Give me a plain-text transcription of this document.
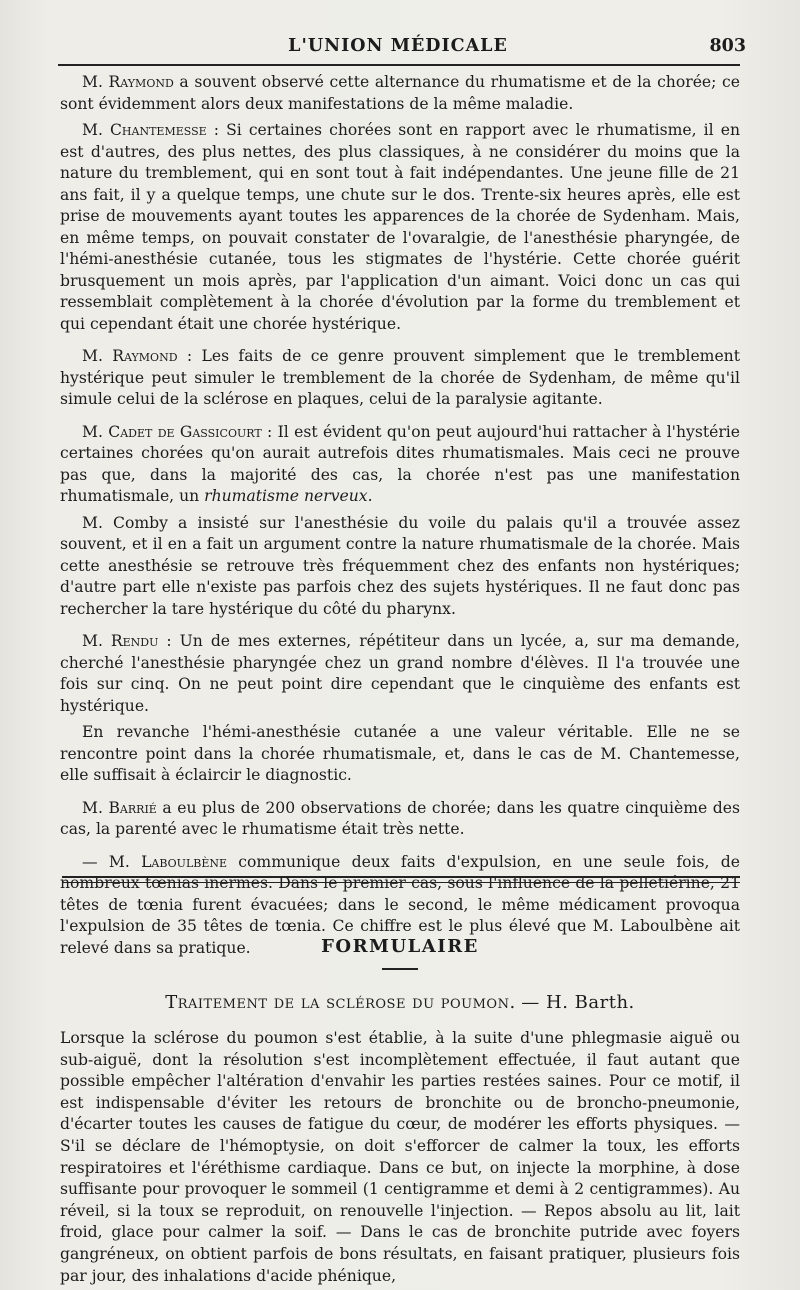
L'UNION MÉDICALE	803

M. Raymond a souvent observé cette alternance du rhumatisme et de la chorée; ce sont évidemment alors deux manifestations de la même maladie.

M. Chantemesse : Si certaines chorées sont en rapport avec le rhumatisme, il en est d'autres, des plus nettes, des plus classiques, à ne considérer du moins que la nature du tremblement, qui en sont tout à fait indépendantes. Une jeune fille de 21 ans fait, il y a quelque temps, une chute sur le dos. Trente-six heures après, elle est prise de mouvements ayant toutes les apparences de la chorée de Sydenham. Mais, en même temps, on pouvait constater de l'ovaralgie, de l'anesthésie pharyngée, de l'hémi-anesthésie cutanée, tous les stigmates de l'hystérie. Cette chorée guérit brusquement un mois après, par l'application d'un aimant. Voici donc un cas qui ressemblait complètement à la chorée d'évolution par la forme du tremblement et qui cependant était une chorée hystérique.

M. Raymond : Les faits de ce genre prouvent simplement que le tremblement hystérique peut simuler le tremblement de la chorée de Sydenham, de même qu'il simule celui de la sclérose en plaques, celui de la paralysie agitante.

M. Cadet de Gassicourt : Il est évident qu'on peut aujourd'hui rattacher à l'hystérie certaines chorées qu'on aurait autrefois dites rhumatismales. Mais ceci ne prouve pas que, dans la majorité des cas, la chorée n'est pas une manifestation rhumatismale, un rhumatisme nerveux.

M. Comby a insisté sur l'anesthésie du voile du palais qu'il a trouvée assez souvent, et il en a fait un argument contre la nature rhumatismale de la chorée. Mais cette anesthésie se retrouve très fréquemment chez des enfants non hystériques; d'autre part elle n'existe pas parfois chez des sujets hystériques. Il ne faut donc pas rechercher la tare hystérique du côté du pharynx.

M. Rendu : Un de mes externes, répétiteur dans un lycée, a, sur ma demande, cherché l'anesthésie pharyngée chez un grand nombre d'élèves. Il l'a trouvée une fois sur cinq. On ne peut point dire cependant que le cinquième des enfants est hystérique.

En revanche l'hémi-anesthésie cutanée a une valeur véritable. Elle ne se rencontre point dans la chorée rhumatismale, et, dans le cas de M. Chantemesse, elle suffisait à éclaircir le diagnostic.

M. Barrié a eu plus de 200 observations de chorée; dans les quatre cinquième des cas, la parenté avec le rhumatisme était très nette.

— M. Laboulbène communique deux faits d'expulsion, en une seule fois, de nombreux tœnias inermes. Dans le premier cas, sous l'influence de la pelletiérine, 21 têtes de tœnia furent évacuées; dans le second, le même médicament provoqua l'expulsion de 35 têtes de tœnia. Ce chiffre est le plus élevé que M. Laboulbène ait relevé dans sa pratique.	FORMULAIRE
Traitement de la sclérose du poumon. — H. Barth.

Lorsque la sclérose du poumon s'est établie, à la suite d'une phlegmasie aiguë ou sub-aiguë, dont la résolution s'est incomplètement effectuée, il faut autant que possible empêcher l'altération d'envahir les parties restées saines. Pour ce motif, il est indispensable d'éviter les retours de bronchite ou de broncho-pneumonie, d'écarter toutes les causes de fatigue du cœur, de modérer les efforts physiques. — S'il se déclare de l'hémoptysie, on doit s'efforcer de calmer la toux, les efforts respiratoires et l'éréthisme cardiaque. Dans ce but, on injecte la morphine, à dose suffisante pour provoquer le sommeil (1 centigramme et demi à 2 centigrammes). Au réveil, si la toux se reproduit, on renouvelle l'injection. — Repos absolu au lit, lait froid, glace pour calmer la soif. — Dans le cas de bronchite putride avec foyers gangréneux, on obtient parfois de bons résultats, en faisant pratiquer, plusieurs fois par jour, des inhalations d'acide phénique,
